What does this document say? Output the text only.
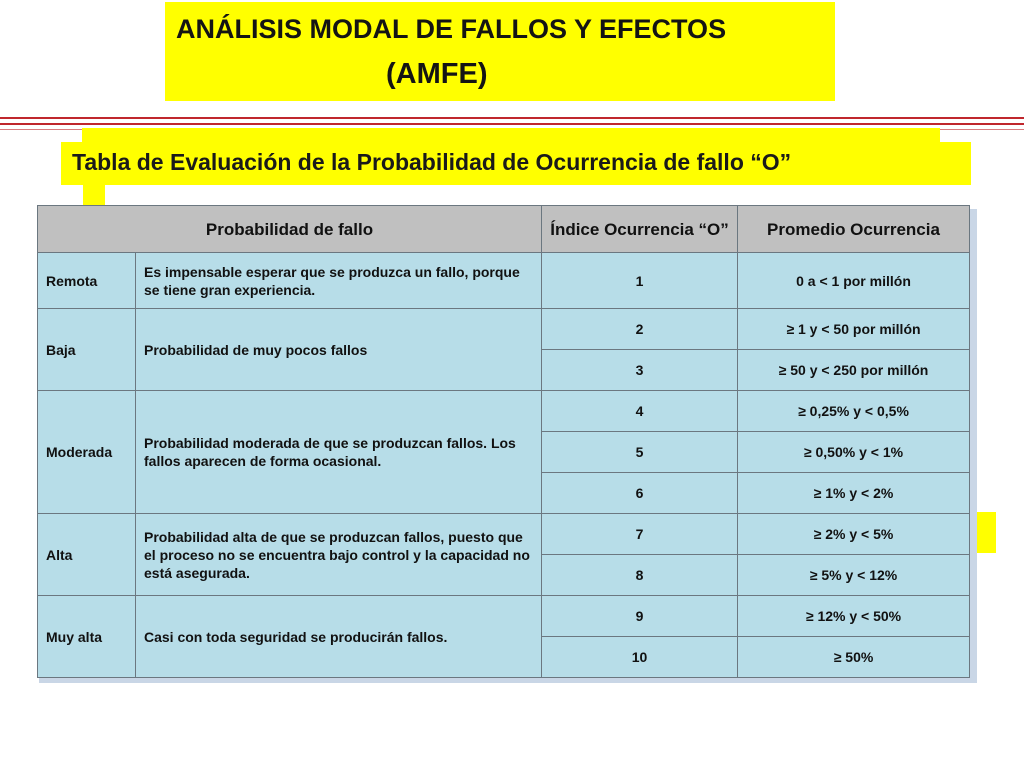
ANÁLISIS MODAL DE FALLOS Y EFECTOS
(AMFE)
Tabla de Evaluación de la Probabilidad de Ocurrencia de fallo “O”
Probabilidad de fallo		Índice Ocurrencia “O”	Promedio Ocurrencia
Remota	Es impensable esperar que se produzca un fallo, porque se tiene gran experiencia.	1	0 a < 1 por millón
Baja	Probabilidad de muy pocos fallos	2	≥ 1 y < 50 por millón
		3	≥ 50 y < 250 por millón
Moderada	Probabilidad moderada de que se produzcan fallos. Los fallos aparecen de forma ocasional.	4	≥ 0,25% y < 0,5%
		5	≥ 0,50% y < 1%
		6	≥ 1% y < 2%
Alta	Probabilidad alta de que se produzcan fallos, puesto que el proceso no se encuentra bajo control y la capacidad no está asegurada.	7	≥ 2% y < 5%
		8	≥ 5% y < 12%
Muy alta	Casi con toda seguridad se producirán fallos.	9	≥ 12% y < 50%
		10	≥ 50%
